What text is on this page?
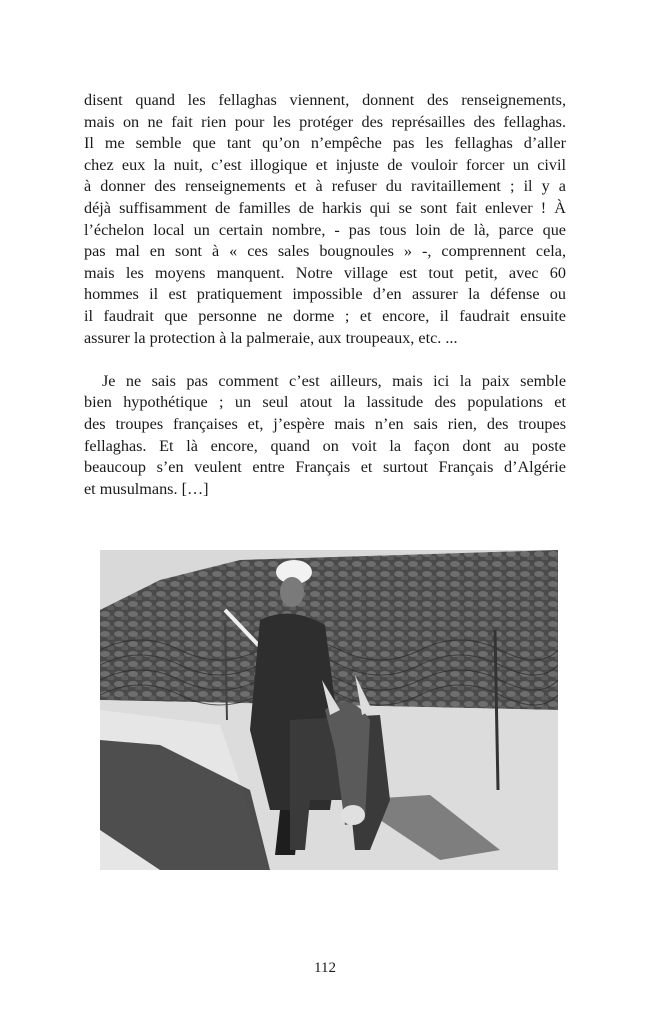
disent quand les fellaghas viennent, donnent des renseignements,
mais on ne fait rien pour les protéger des représailles des fellaghas.
Il me semble que tant qu’on n’empêche pas les fellaghas d’aller
chez eux la nuit, c’est illogique et injuste de vouloir forcer un civil
à donner des renseignements et à refuser du ravitaillement ; il y a
déjà suffisamment de familles de harkis qui se sont fait enlever ! À
l’échelon local un certain nombre, - pas tous loin de là, parce que
pas mal en sont à « ces sales bougnoules » -, comprennent cela,
mais les moyens manquent. Notre village est tout petit, avec 60
hommes il est pratiquement impossible d’en assurer la défense ou
il faudrait que personne ne dorme ; et encore, il faudrait ensuite
assurer la protection à la palmeraie, aux troupeaux, etc. ...
Je ne sais pas comment c’est ailleurs, mais ici la paix semble
bien hypothétique ; un seul atout la lassitude des populations et
des troupes françaises et, j’espère mais n’en sais rien, des troupes
fellaghas. Et là encore, quand on voit la façon dont au poste
beaucoup s’en veulent entre Français et surtout Français d’Algérie
et musulmans. […]
112
